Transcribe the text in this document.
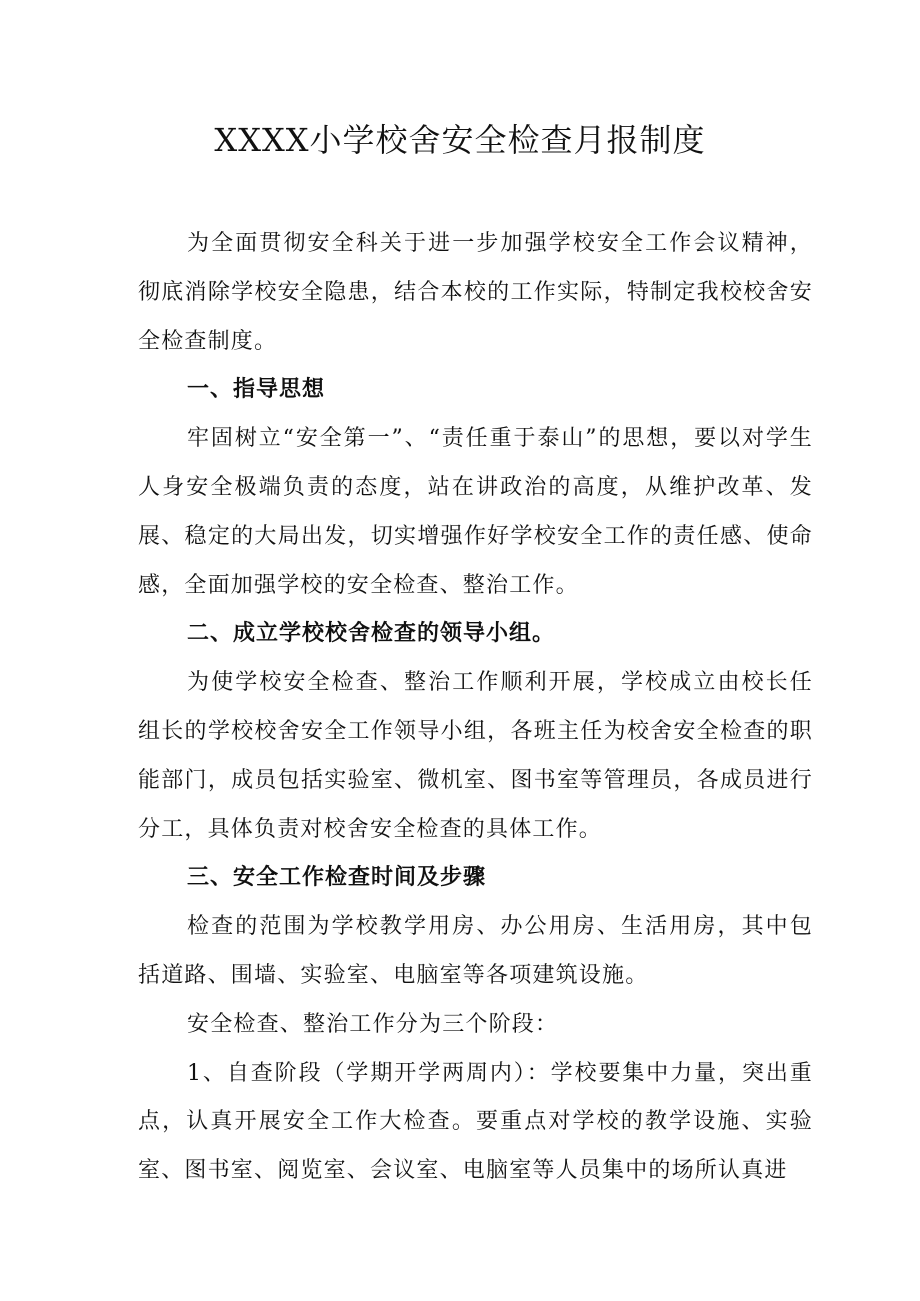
XXXX小学校舍安全检查月报制度

为全面贯彻安全科关于进一步加强学校安全工作会议精神，彻底消除学校安全隐患，结合本校的工作实际，特制定我校校舍安全检查制度。

一、指导思想

牢固树立“安全第一”、“责任重于泰山”的思想，要以对学生人身安全极端负责的态度，站在讲政治的高度，从维护改革、发展、稳定的大局出发，切实增强作好学校安全工作的责任感、使命感，全面加强学校的安全检查、整治工作。

二、成立学校校舍检查的领导小组。

为使学校安全检查、整治工作顺利开展，学校成立由校长任组长的学校校舍安全工作领导小组，各班主任为校舍安全检查的职能部门，成员包括实验室、微机室、图书室等管理员，各成员进行分工，具体负责对校舍安全检查的具体工作。

三、安全工作检查时间及步骤

检查的范围为学校教学用房、办公用房、生活用房，其中包括道路、围墙、实验室、电脑室等各项建筑设施。

安全检查、整治工作分为三个阶段：

1、自查阶段（学期开学两周内）：学校要集中力量，突出重点，认真开展安全工作大检查。要重点对学校的教学设施、实验室、图书室、阅览室、会议室、电脑室等人员集中的场所认真进
